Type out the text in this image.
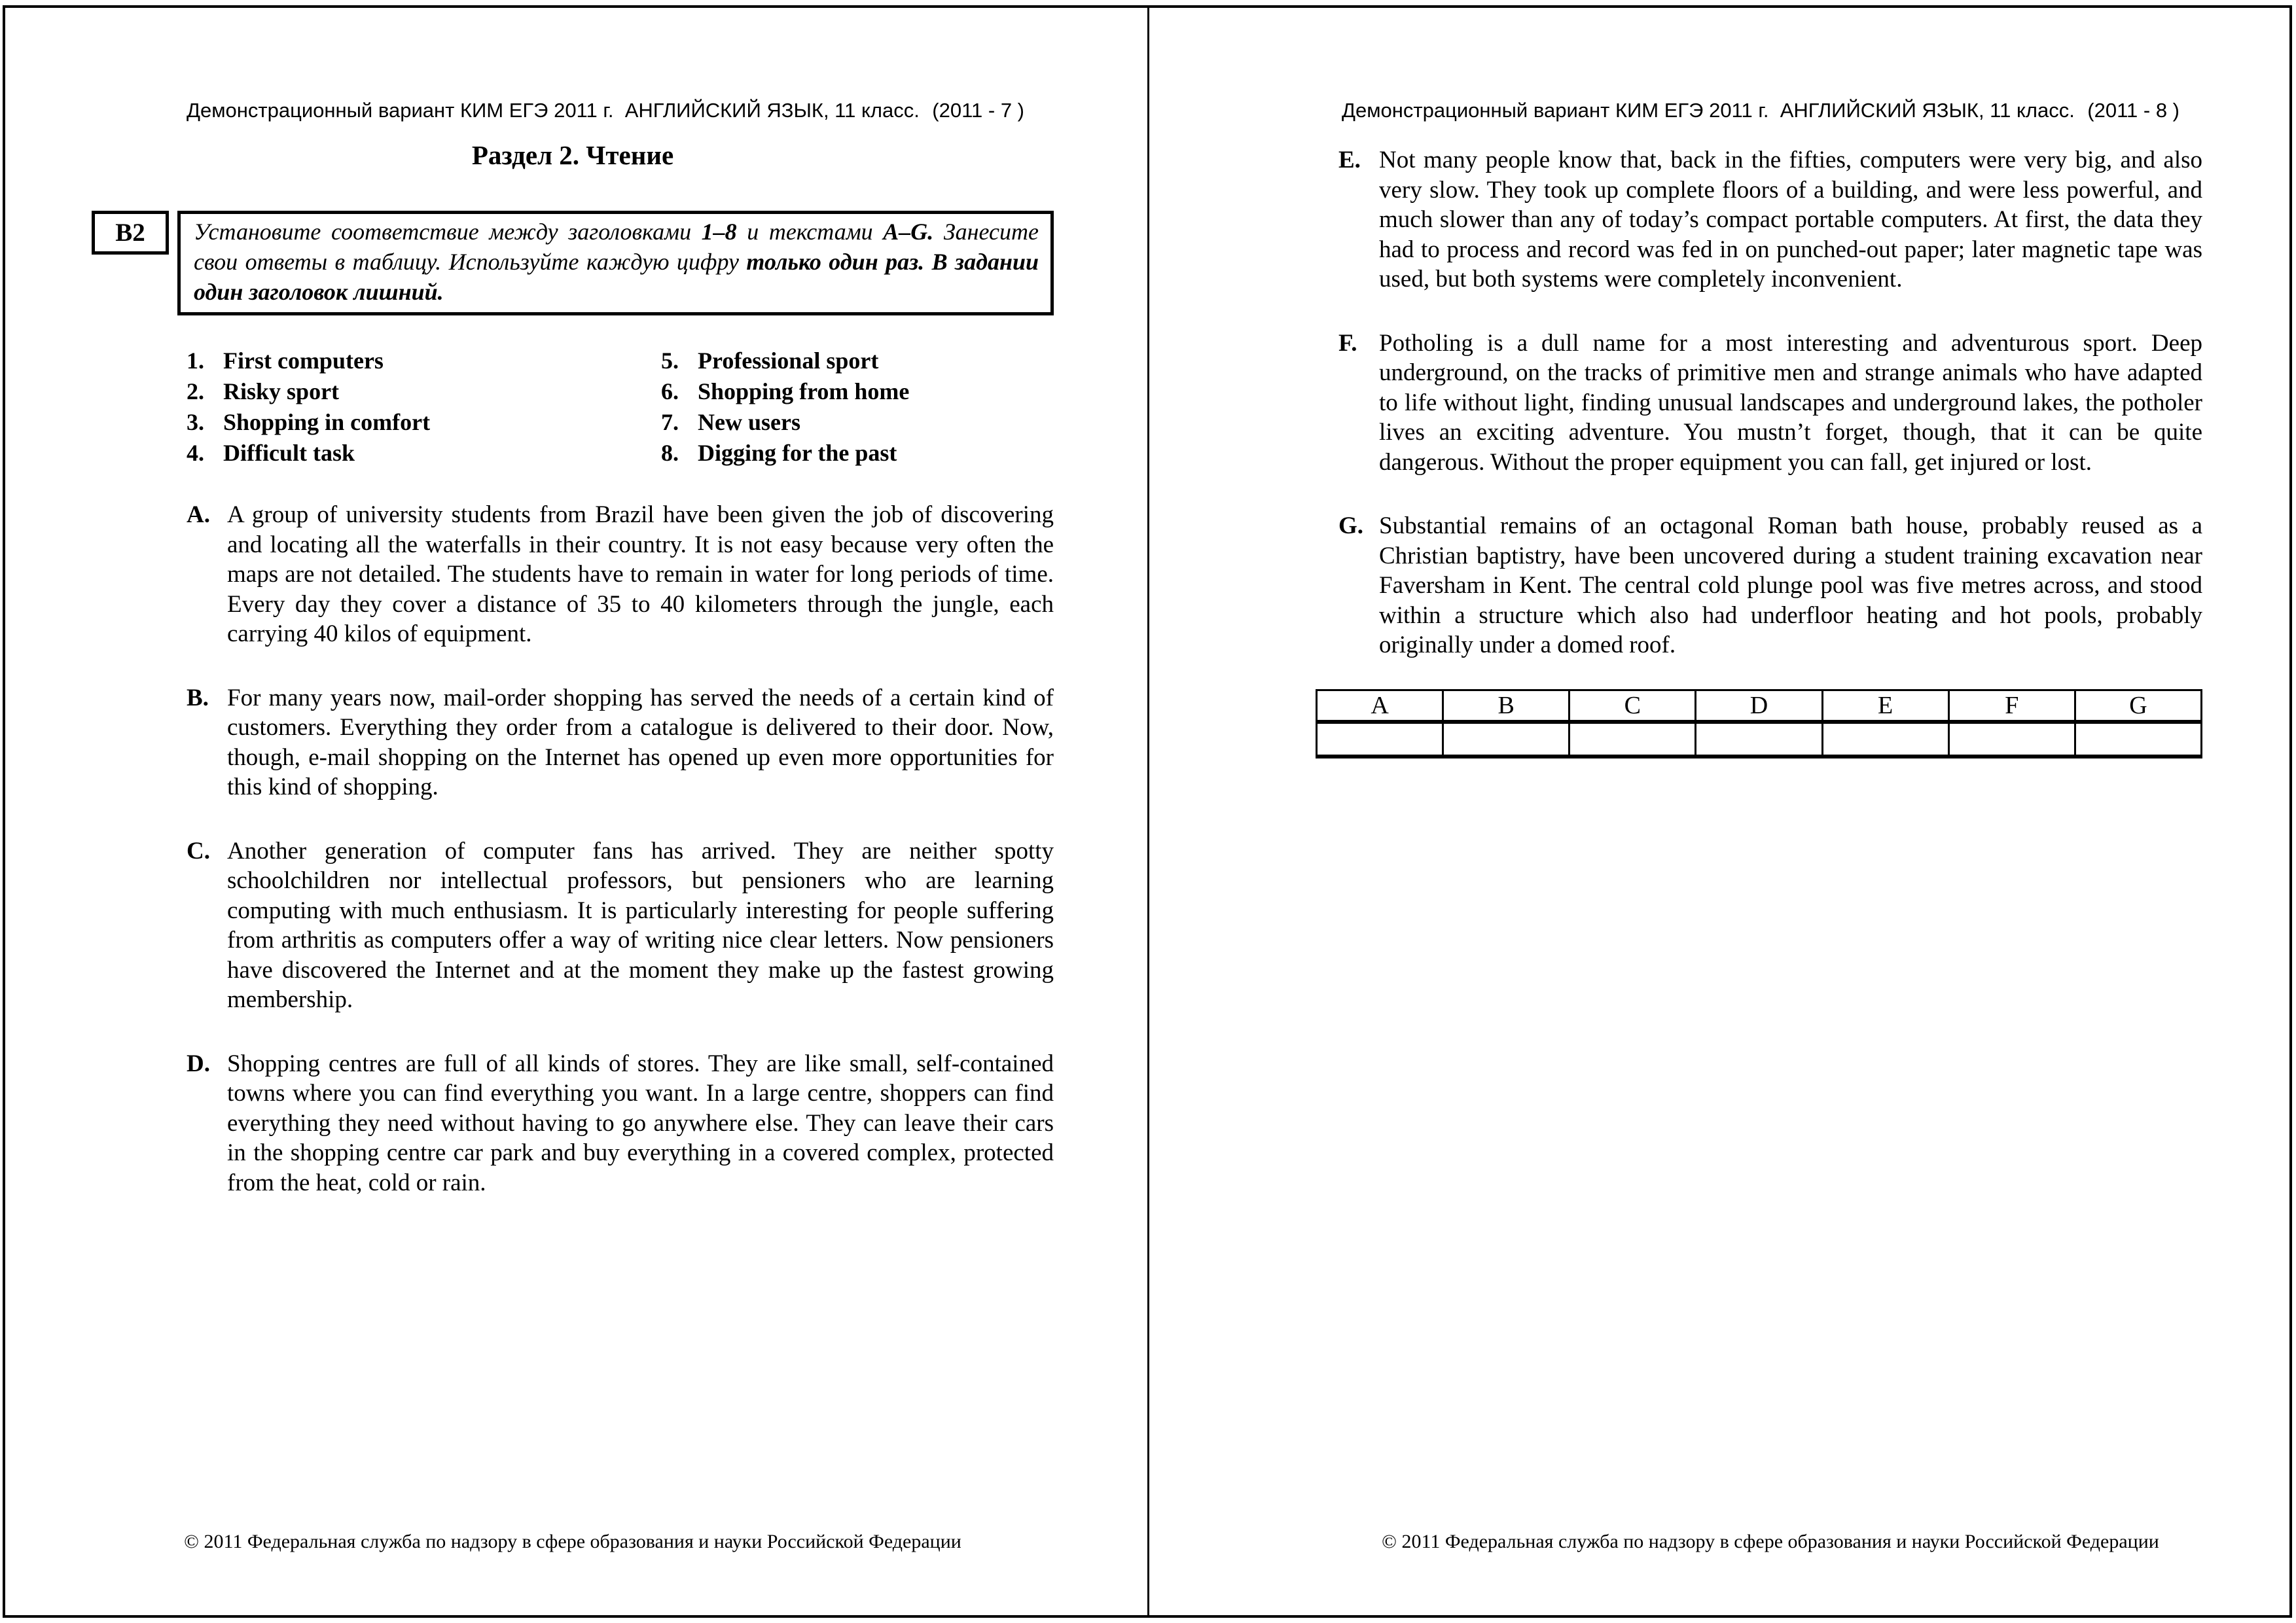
Демонстрационный вариант КИМ ЕГЭ 2011 г.  АНГЛИЙСКИЙ ЯЗЫК, 11 класс. (2011 - 7 )
Раздел 2. Чтение
В2	Установите соответствие между заголовками 1–8 и текстами А–G. Занесите свои ответы в таблицу. Используйте каждую цифру только один раз. В задании один заголовок лишний.
1. First computers
2. Risky sport
3. Shopping in comfort
4. Difficult task
5. Professional sport
6. Shopping from home
7. New users
8. Digging for the past
A. A group of university students from Brazil have been given the job of discovering and locating all the waterfalls in their country. It is not easy because very often the maps are not detailed. The students have to remain in water for long periods of time. Every day they cover a distance of 35 to 40 kilometers through the jungle, each carrying 40 kilos of equipment.
B. For many years now, mail-order shopping has served the needs of a certain kind of customers. Everything they order from a catalogue is delivered to their door. Now, though, e-mail shopping on the Internet has opened up even more opportunities for this kind of shopping.
C. Another generation of computer fans has arrived. They are neither spotty schoolchildren nor intellectual professors, but pensioners who are learning computing with much enthusiasm. It is particularly interesting for people suffering from arthritis as computers offer a way of writing nice clear letters. Now pensioners have discovered the Internet and at the moment they make up the fastest growing membership.
D. Shopping centres are full of all kinds of stores. They are like small, self-contained towns where you can find everything you want. In a large centre, shoppers can find everything they need without having to go anywhere else. They can leave their cars in the shopping centre car park and buy everything in a covered complex, protected from the heat, cold or rain.
© 2011 Федеральная служба по надзору в сфере образования и науки Российской Федерации
Демонстрационный вариант КИМ ЕГЭ 2011 г.  АНГЛИЙСКИЙ ЯЗЫК, 11 класс. (2011 - 8 )
E. Not many people know that, back in the fifties, computers were very big, and also very slow. They took up complete floors of a building, and were less powerful, and much slower than any of today’s compact portable computers. At first, the data they had to process and record was fed in on punched-out paper; later magnetic tape was used, but both systems were completely inconvenient.
F. Potholing is a dull name for a most interesting and adventurous sport. Deep underground, on the tracks of primitive men and strange animals who have adapted to life without light, finding unusual landscapes and underground lakes, the potholer lives an exciting adventure. You mustn’t forget, though, that it can be quite dangerous. Without the proper equipment you can fall, get injured or lost.
G. Substantial remains of an octagonal Roman bath house, probably reused as a Christian baptistry, have been uncovered during a student training excavation near Faversham in Kent. The central cold plunge pool was five metres across, and stood within a structure which also had underfloor heating and hot pools, probably originally under a domed roof.
A	B	C	D	E	F	G

© 2011 Федеральная служба по надзору в сфере образования и науки Российской Федерации
